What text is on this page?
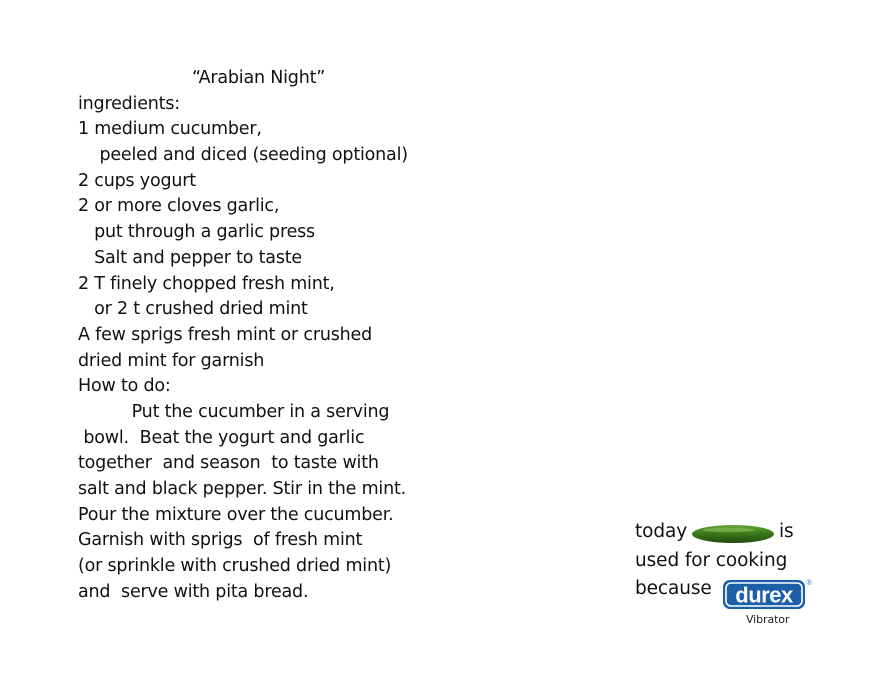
“Arabian Night”
ingredients:
1 medium cucumber,
peeled and diced (seeding optional)
2 cups yogurt
2 or more cloves garlic,
put through a garlic press
Salt and pepper to taste
2 T finely chopped fresh mint,
or 2 t crushed dried mint
A few sprigs fresh mint or crushed
dried mint for garnish
How to do:
Put the cucumber in a serving
bowl.  Beat the yogurt and garlic
together  and season  to taste with
salt and black pepper. Stir in the mint.
Pour the mixture over the cucumber.
Garnish with sprigs  of fresh mint
(or sprinkle with crushed dried mint)
and  serve with pita bread.
today	is
used for cooking
because durex ®
Vibrator
